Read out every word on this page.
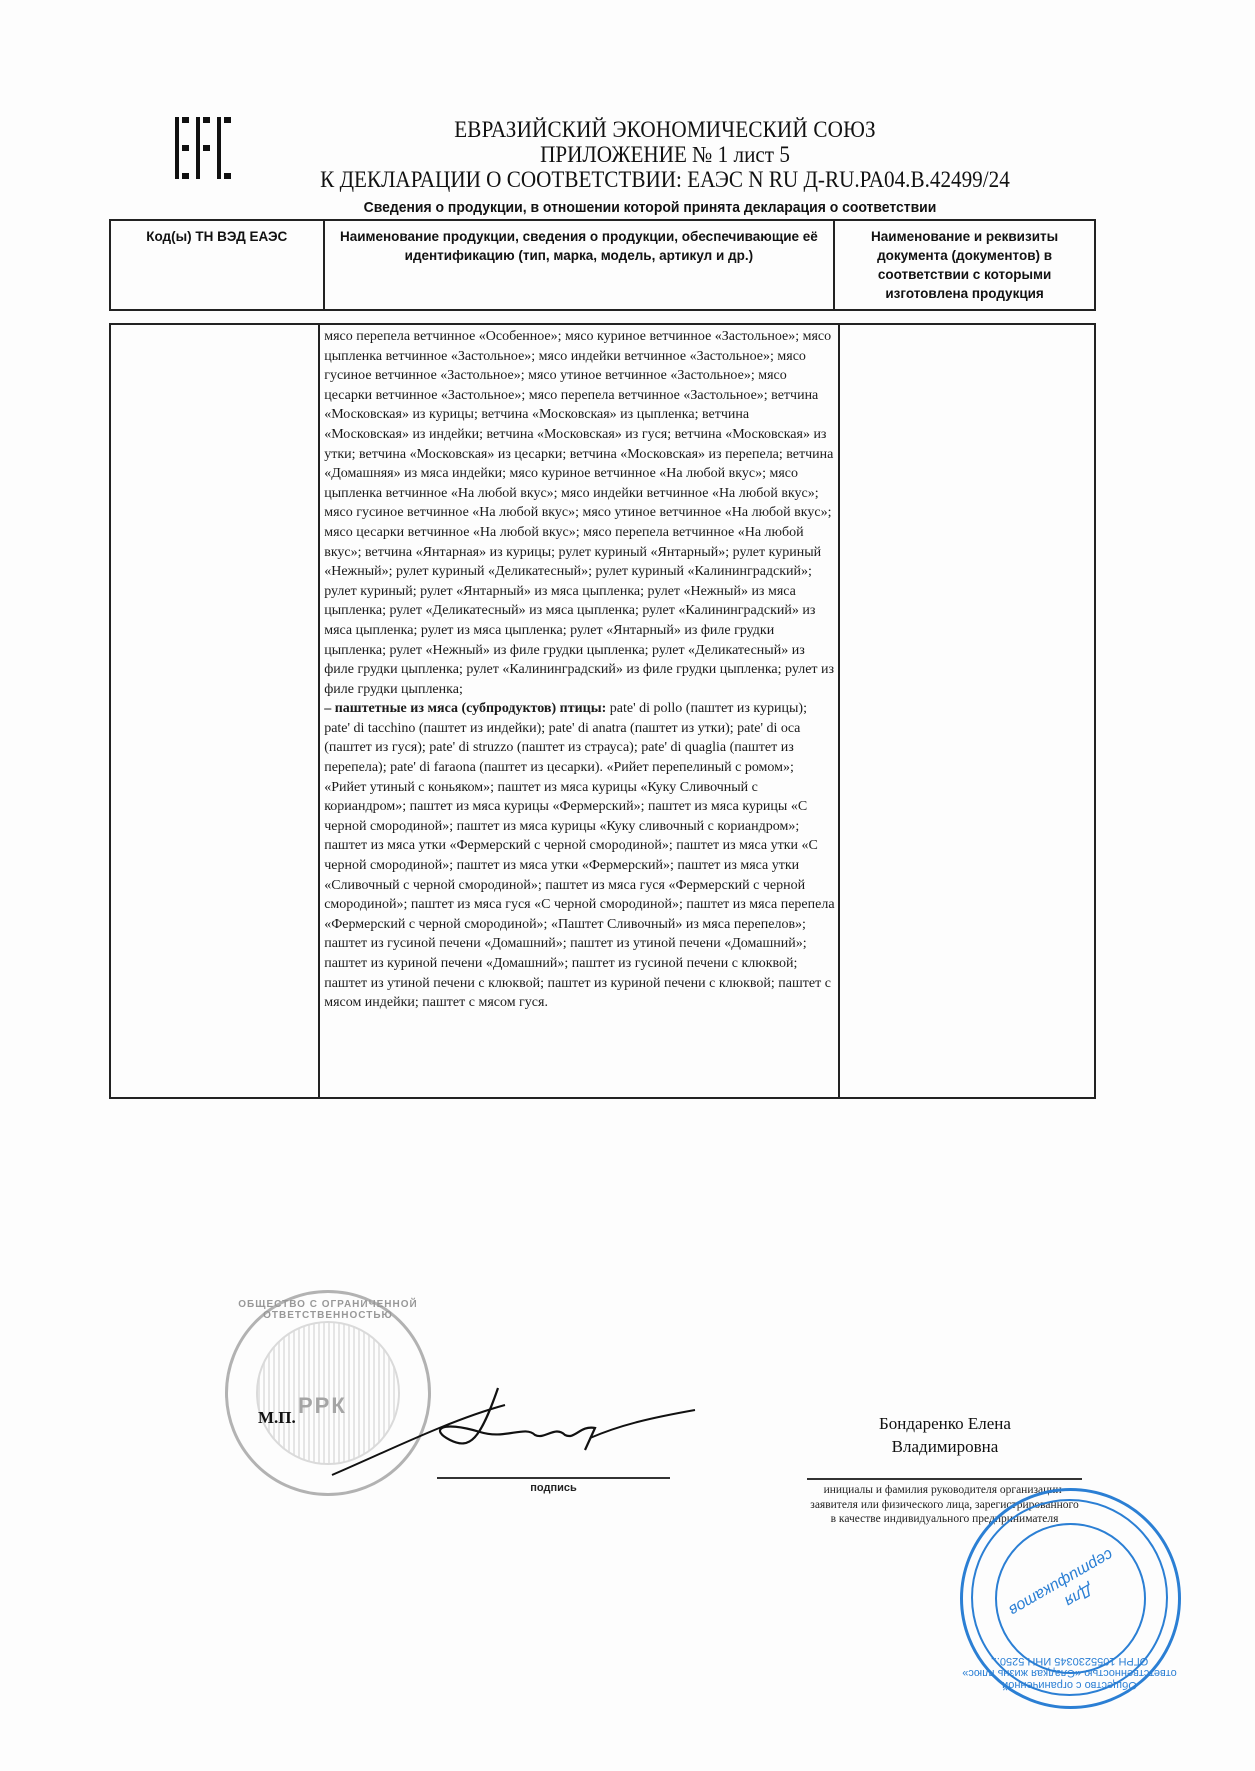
ЕВРАЗИЙСКИЙ ЭКОНОМИЧЕСКИЙ СОЮЗ
ПРИЛОЖЕНИЕ № 1 лист 5
К ДЕКЛАРАЦИИ О СООТВЕТСТВИИ: ЕАЭС N RU Д-RU.РА04.В.42499/24
Сведения о продукции, в отношении которой принята декларация о соответствии
Код(ы) ТН ВЭД ЕАЭС	Наименование продукции, сведения о продукции, обеспечивающие её идентификацию (тип, марка, модель, артикул и др.)	Наименование и реквизиты документа (документов) в соответствии с которыми изготовлена продукция
	мясо перепела ветчинное «Особенное»; мясо куриное ветчинное «Застольное»; мясо цыпленка ветчинное «Застольное»; мясо индейки ветчинное «Застольное»; мясо гусиное ветчинное «Застольное»; мясо утиное ветчинное «Застольное»; мясо цесарки ветчинное «Застольное»; мясо перепела ветчинное «Застольное»; ветчина «Московская» из курицы; ветчина «Московская» из цыпленка; ветчина «Московская» из индейки; ветчина «Московская» из гуся; ветчина «Московская» из утки; ветчина «Московская» из цесарки; ветчина «Московская» из перепела; ветчина «Домашняя» из мяса индейки; мясо куриное ветчинное «На любой вкус»; мясо цыпленка ветчинное «На любой вкус»; мясо индейки ветчинное «На любой вкус»; мясо гусиное ветчинное «На любой вкус»; мясо утиное ветчинное «На любой вкус»; мясо цесарки ветчинное «На любой вкус»; мясо перепела ветчинное «На любой вкус»; ветчина «Янтарная» из курицы; рулет куриный «Янтарный»; рулет куриный «Нежный»; рулет куриный «Деликатесный»; рулет куриный «Калининградский»; рулет куриный; рулет «Янтарный» из мяса цыпленка; рулет «Нежный» из мяса цыпленка; рулет «Деликатесный» из мяса цыпленка; рулет «Калининградский» из мяса цыпленка; рулет из мяса цыпленка; рулет «Янтарный» из филе грудки цыпленка; рулет «Нежный» из филе грудки цыпленка; рулет «Деликатесный» из филе грудки цыпленка; рулет «Калининградский» из филе грудки цыпленка; рулет из филе грудки цыпленка;
– паштетные из мяса (субпродуктов) птицы: pate' di pollo (паштет из курицы); pate' di tacchino (паштет из индейки); pate' di anatra (паштет из утки); pate' di oca (паштет из гуся); pate' di struzzo (паштет из страуса); pate' di quaglia (паштет из перепела); pate' di faraona (паштет из цесарки). «Рийет перепелиный с ромом»; «Рийет утиный с коньяком»; паштет из мяса курицы «Куку Сливочный с кориандром»; паштет из мяса курицы «Фермерский»; паштет из мяса курицы «С черной смородиной»; паштет из мяса курицы «Куку сливочный с кориандром»; паштет из мяса утки «Фермерский с черной смородиной»; паштет из мяса утки «С черной смородиной»; паштет из мяса утки «Фермерский»; паштет из мяса утки «Сливочный с черной смородиной»; паштет из мяса гуся «Фермерский с черной смородиной»; паштет из мяса гуся «С черной смородиной»; паштет из мяса перепела «Фермерский с черной смородиной»; «Паштет Сливочный» из мяса перепелов»; паштет из гусиной печени «Домашний»; паштет из утиной печени «Домашний»; паштет из куриной печени «Домашний»; паштет из гусиной печени с клюквой; паштет из утиной печени с клюквой; паштет из куриной печени с клюквой; паштет с мясом индейки; паштет с мясом гуся.	
ОБЩЕСТВО С ОГРАНИЧЕННОЙ ОТВЕТСТВЕННОСТЬЮ
РРК
М.П.
подпись
Бондаренко Елена
Владимировна
инициалы и фамилия руководителя организации- заявителя или физического лица, зарегистрированного в качестве индивидуального предпринимателя
Общество с ограниченной ответственностью «Сладкая жизнь плюс» ОГРН 1055230345 ИНН 5250...
Для сертификатов
